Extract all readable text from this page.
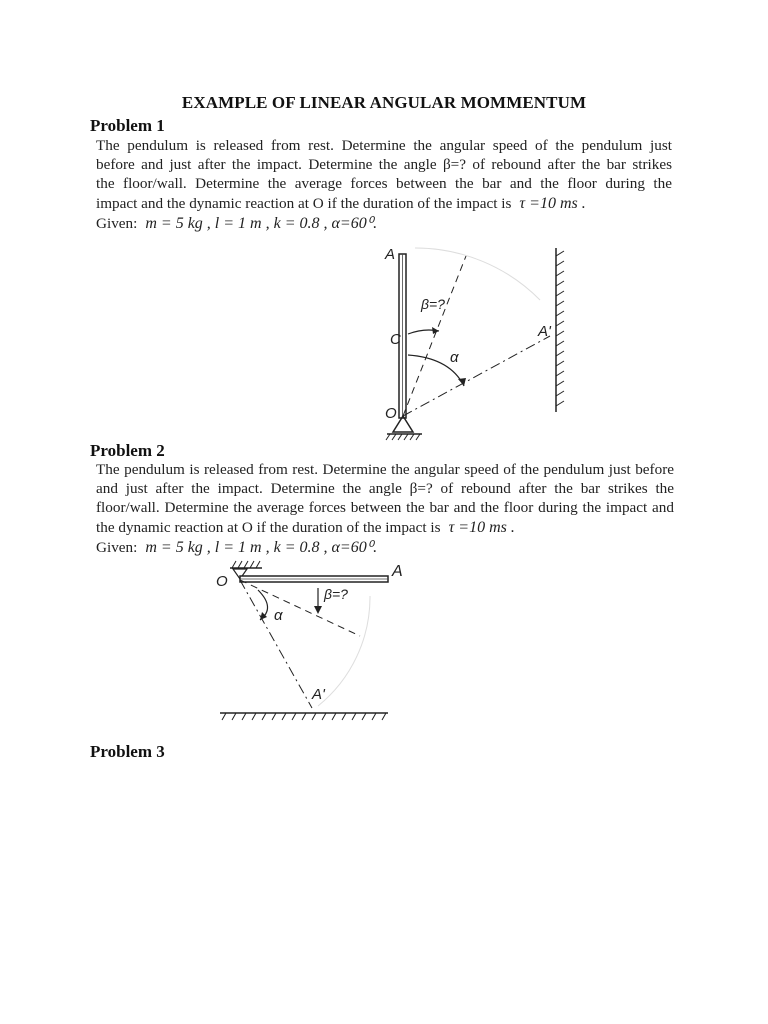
EXAMPLE OF LINEAR ANGULAR MOMMENTUM
Problem 1
The pendulum is released from rest. Determine the angular speed of the pendulum just
before and just after the impact. Determine the angle β=? of rebound after the bar strikes
the floor/wall. Determine the average forces between the bar and the floor during the
impact and the dynamic reaction at O if the duration of the impact is τ =10 ms .
Given: m = 5 kg , l = 1 m , k = 0.8 , α=60⁰.
A
β=?
C
α
A'
O
Problem 2
The pendulum is released from rest. Determine the angular speed of the pendulum just before
and just after the impact. Determine the angle β=? of rebound after the bar strikes the
floor/wall. Determine the average forces between the bar and the floor during the impact and
the dynamic reaction at O if the duration of the impact is τ =10 ms .
Given: m = 5 kg , l = 1 m , k = 0.8 , α=60⁰.
O
A
β=?
α
A'
Problem 3
